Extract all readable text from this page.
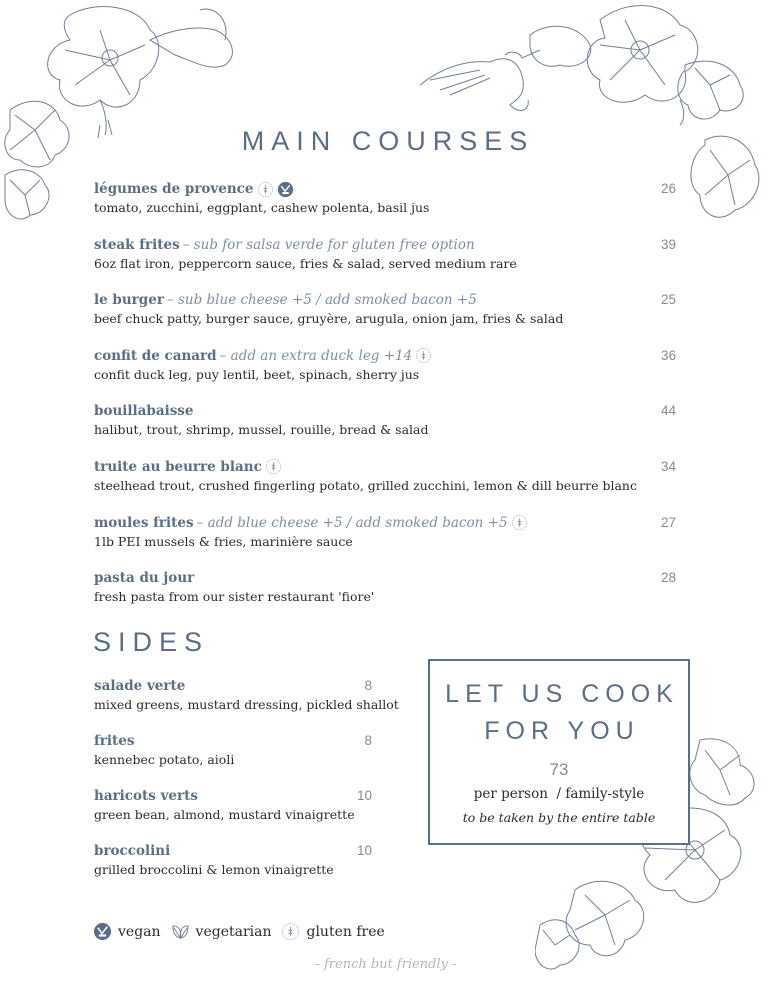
MAIN COURSES
légumes de provence
tomato, zucchini, eggplant, cashew polenta, basil jus
26
steak frites – sub for salsa verde for gluten free option
6oz flat iron, peppercorn sauce, fries & salad, served medium rare
39
le burger – sub blue cheese +5 / add smoked bacon +5
beef chuck patty, burger sauce, gruyère, arugula, onion jam, fries & salad
25
confit de canard – add an extra duck leg +14
confit duck leg, puy lentil, beet, spinach, sherry jus
36
bouillabaisse
halibut, trout, shrimp, mussel, rouille, bread & salad
44
truite au beurre blanc
steelhead trout, crushed fingerling potato, grilled zucchini, lemon & dill beurre blanc
34
moules frites – add blue cheese +5 / add smoked bacon +5
1lb PEI mussels & fries, marinière sauce
27
pasta du jour
fresh pasta from our sister restaurant 'fiore'
28
SIDES
salade verte
mixed greens, mustard dressing, pickled shallot
8
frites
kennebec potato, aioli
8
haricots verts
green bean, almond, mustard vinaigrette
10
broccolini
grilled broccolini & lemon vinaigrette
10
LET US COOK
FOR YOU
73
per person  / family-style
to be taken by the entire table
vegan	vegetarian	gluten free
- french but friendly -
